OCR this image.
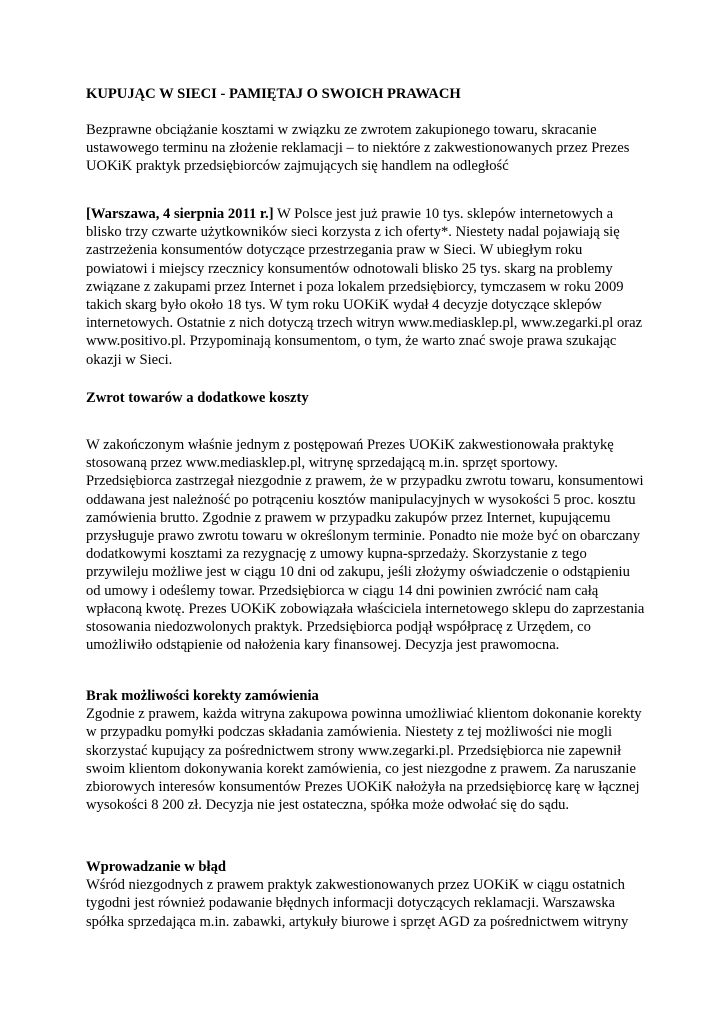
KUPUJĄC W SIECI - PAMIĘTAJ O SWOICH PRAWACH

Bezprawne obciążanie kosztami w związku ze zwrotem zakupionego towaru, skracanie ustawowego terminu na złożenie reklamacji – to niektóre z zakwestionowanych przez Prezes UOKiK praktyk przedsiębiorców zajmujących się handlem na odległość

[Warszawa, 4 sierpnia 2011 r.] W Polsce jest już prawie 10 tys. sklepów internetowych a blisko trzy czwarte użytkowników sieci korzysta z ich oferty*. Niestety nadal pojawiają się zastrzeżenia konsumentów dotyczące przestrzegania praw w Sieci. W ubiegłym roku powiatowi i miejscy rzecznicy konsumentów odnotowali blisko 25 tys. skarg na problemy związane z zakupami przez Internet i poza lokalem przedsiębiorcy, tymczasem w roku 2009 takich skarg było około 18 tys. W tym roku UOKiK wydał 4 decyzje dotyczące sklepów internetowych. Ostatnie z nich dotyczą trzech witryn www.mediasklep.pl, www.zegarki.pl oraz www.positivo.pl. Przypominają konsumentom, o tym, że warto znać swoje prawa szukając okazji w Sieci.

Zwrot towarów a dodatkowe koszty

W zakończonym właśnie jednym z postępowań Prezes UOKiK zakwestionowała praktykę stosowaną przez www.mediasklep.pl, witrynę sprzedającą m.in. sprzęt sportowy. Przedsiębiorca zastrzegał niezgodnie z prawem, że w przypadku zwrotu towaru, konsumentowi oddawana jest należność po potrąceniu kosztów manipulacyjnych w wysokości 5 proc. kosztu zamówienia brutto. Zgodnie z prawem w przypadku zakupów przez Internet, kupującemu przysługuje prawo zwrotu towaru w określonym terminie. Ponadto nie może być on obarczany dodatkowymi kosztami za rezygnację z umowy kupna-sprzedaży. Skorzystanie z tego przywileju możliwe jest w ciągu 10 dni od zakupu, jeśli złożymy oświadczenie o odstąpieniu od umowy i odeślemy towar. Przedsiębiorca w ciągu 14 dni powinien zwrócić nam całą wpłaconą kwotę. Prezes UOKiK zobowiązała właściciela internetowego sklepu do zaprzestania stosowania niedozwolonych praktyk. Przedsiębiorca podjął współpracę z Urzędem, co umożliwiło odstąpienie od nałożenia kary finansowej. Decyzja jest prawomocna.

Brak możliwości korekty zamówienia
Zgodnie z prawem, każda witryna zakupowa powinna umożliwiać klientom dokonanie korekty w przypadku pomyłki podczas składania zamówienia. Niestety z tej możliwości nie mogli skorzystać kupujący za pośrednictwem strony www.zegarki.pl. Przedsiębiorca nie zapewnił swoim klientom dokonywania korekt zamówienia, co jest niezgodne z prawem. Za naruszanie zbiorowych interesów konsumentów Prezes UOKiK nałożyła na przedsiębiorcę karę w łącznej wysokości 8 200 zł. Decyzja nie jest ostateczna, spółka może odwołać się do sądu.

Wprowadzanie w błąd
Wśród niezgodnych z prawem praktyk zakwestionowanych przez UOKiK w ciągu ostatnich tygodni jest również podawanie błędnych informacji dotyczących reklamacji. Warszawska spółka sprzedająca m.in. zabawki, artykuły biurowe i sprzęt AGD za pośrednictwem witryny
